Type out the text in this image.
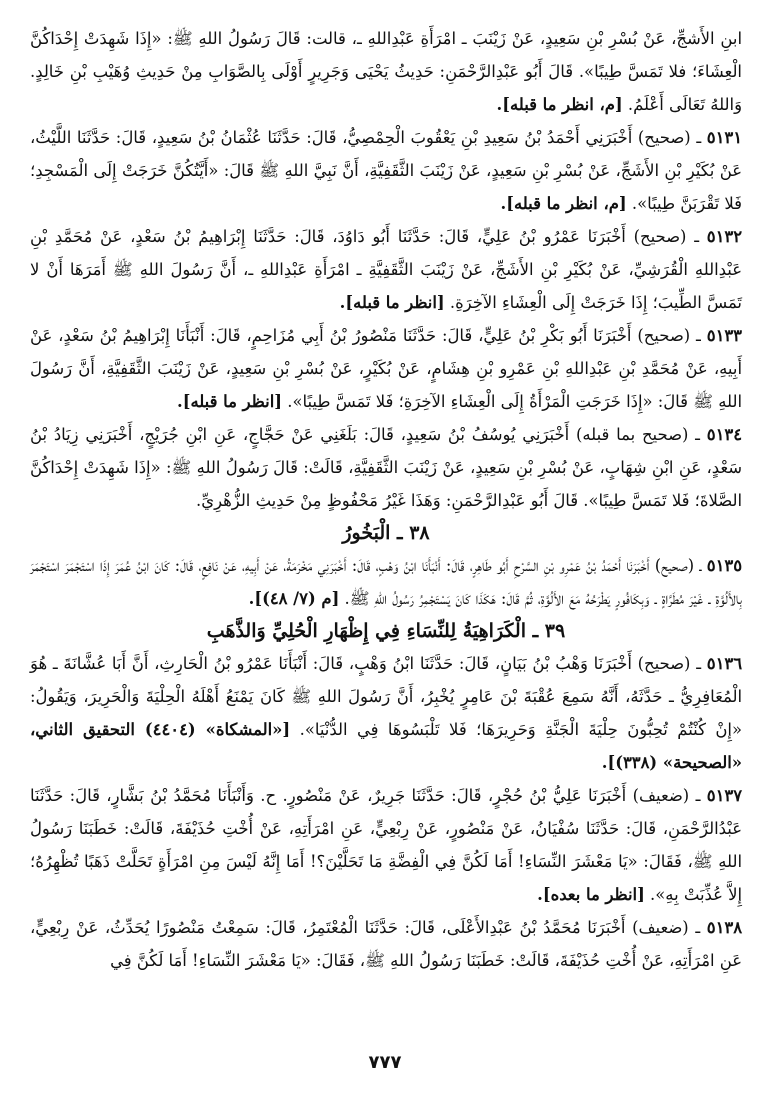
ابنِ الأَشجِّ، عَنْ بُسْرِ بْنِ سَعِيدٍ، عَنْ زَيْنَبَ ـ امْرَأَةِ عَبْدِاللهِ ـ، قالت: قَالَ رَسُولُ اللهِ ﷺ: «إِذَا شَهِدَتْ إِحْدَاكُنَّ الْعِشَاءَ؛ فلا تَمَسَّ طِيبًا». قَالَ أَبُو عَبْدِالرَّحْمَنِ: حَدِيثُ يَحْيَى وَجَرِيرٍ أَوْلَى بِالصَّوَابِ مِنْ حَدِيثِ وُهَيْبِ بْنِ خَالِدٍ. وَاللهُ تَعَالَى أَعْلَمُ. [م، انظر ما قبله].
٥١٣١ ـ (صحيح) أَخْبَرَنِي أَحْمَدُ بْنُ سَعِيدِ بْنِ يَعْقُوبَ الْحِمْصِيُّ، قَالَ: حَدَّثَنَا عُثْمَانُ بْنُ سَعِيدٍ، قَالَ: حَدَّثَنَا اللَّيْثُ، عَنْ بُكَيْرِ بْنِ الأَشَجِّ، عَنْ بُسْرِ بْنِ سَعِيدٍ، عَنْ زَيْنَبَ الثَّقَفِيَّةِ، أَنَّ نَبِيَّ اللهِ ﷺ قَالَ: «أَيَّتُكُنَّ خَرَجَتْ إِلَى الْمَسْجِدِ؛ فَلا تَقْرَبَنَّ طِيبًا». [م، انظر ما قبله].
٥١٣٢ ـ (صحيح) أَخْبَرَنَا عَمْرُو بْنُ عَلِيٍّ، قَالَ: حَدَّثَنَا أَبُو دَاوُدَ، قَالَ: حَدَّثَنَا إِبْرَاهِيمُ بْنُ سَعْدٍ، عَنْ مُحَمَّدِ بْنِ عَبْدِاللهِ الْقُرَشِيِّ، عَنْ بُكَيْرِ بْنِ الأَشَجِّ، عَنْ زَيْنَبَ الثَّقَفِيَّةِ ـ امْرَأَةِ عَبْدِاللهِ ـ، أَنَّ رَسُولَ اللهِ ﷺ أَمَرَهَا أَنْ لا تَمَسَّ الطِّيبَ؛ إِذَا خَرَجَتْ إِلَى الْعِشَاءِ الآخِرَةِ. [انظر ما قبله].
٥١٣٣ ـ (صحيح) أَخْبَرَنَا أَبُو بَكْرِ بْنُ عَلِيٍّ، قَالَ: حَدَّثَنَا مَنْصُورُ بْنُ أَبِي مُزَاحِمٍ، قَالَ: أَنْبَأَنَا إِبْرَاهِيمُ بْنُ سَعْدٍ، عَنْ أَبِيهِ، عَنْ مُحَمَّدِ بْنِ عَبْدِاللهِ بْنِ عَمْرِو بْنِ هِشَامٍ، عَنْ بُكَيْرٍ، عَنْ بُسْرِ بْنِ سَعِيدٍ، عَنْ زَيْنَبَ الثَّقَفِيَّةِ، أَنَّ رَسُولَ اللهِ ﷺ قَالَ: «إِذَا خَرَجَتِ الْمَرْأَةُ إِلَى الْعِشَاءِ الآخِرَةِ؛ فَلا تَمَسَّ طِيبًا». [انظر ما قبله].
٥١٣٤ ـ (صحيح بما قبله) أَخْبَرَنِي يُوسُفُ بْنُ سَعِيدٍ، قَالَ: بَلَغَنِي عَنْ حَجَّاجٍ، عَنِ ابْنِ جُرَيْجٍ، أَخْبَرَنِي زِيَادُ بْنُ سَعْدٍ، عَنِ ابْنِ شِهَابٍ، عَنْ بُسْرِ بْنِ سَعِيدٍ، عَنْ زَيْنَبَ الثَّقَفِيَّةِ، قَالَتْ: قَالَ رَسُولُ اللهِ ﷺ: «إِذَا شَهِدَتْ إِحْدَاكُنَّ الصَّلاةَ؛ فَلا تَمَسَّ طِيبًا». قَالَ أَبُو عَبْدِالرَّحْمَنِ: وَهَذَا غَيْرُ مَحْفُوظٍ مِنْ حَدِيثِ الزُّهْرِيِّ.
٣٨ ـ الْبَخُورُ
٥١٣٥ ـ (صحيح) أَخْبَرَنَا أَحْمَدُ بْنُ عَمْرِو بْنِ السَّرْحِ أَبُو طَاهِرٍ، قَالَ: أَنْبَأَنَا ابْنُ وَهْبٍ، قَالَ: أَخْبَرَنِي مَخْرَمَةُ، عَنْ أَبِيهِ، عَنْ نَافِعٍ، قَالَ: كَانَ ابْنُ عُمَرَ إِذَا اسْتَجْمَرَ اسْتَجْمَرَ بِالأَلُوَّةِ ـ غَيْرَ مُطَرَّاةٍ ـ وَبِكَافُورٍ يَطْرَحُهُ مَعَ الأَلُوَّةِ، ثُمَّ قَالَ: هَكَذَا كَانَ يَسْتَجْمِرُ رَسُولُ اللهِ ﷺ. [م (٧/ ٤٨)].
٣٩ ـ الْكَرَاهِيَةُ لِلنِّسَاءِ فِي إِظْهَارِ الْحُلِيِّ وَالذَّهَبِ
٥١٣٦ ـ (صحيح) أَخْبَرَنَا وَهْبُ بْنُ بَيَانٍ، قَالَ: حَدَّثَنَا ابْنُ وَهْبٍ، قَالَ: أَنْبَأَنَا عَمْرُو بْنُ الْحَارِثِ، أَنَّ أَبَا عُشَّانَةَ ـ هُوَ الْمُعَافِرِيُّ ـ حَدَّثَهُ، أَنَّهُ سَمِعَ عُقْبَةَ بْنَ عَامِرٍ يُخْبِرُ، أَنَّ رَسُولَ اللهِ ﷺ كَانَ يَمْنَعُ أَهْلَهُ الْحِلْيَةَ وَالْحَرِيرَ، وَيَقُولُ: «إِنْ كُنْتُمْ تُحِبُّونَ حِلْيَةَ الْجَنَّةِ وَحَرِيرَهَا؛ فَلا تَلْبَسُوهَا فِي الدُّنْيَا». [«المشكاة» (٤٤٠٤) التحقيق الثاني، «الصحيحة» (٣٣٨)].
٥١٣٧ ـ (ضعيف) أَخْبَرَنَا عَلِيُّ بْنُ حُجْرٍ، قَالَ: حَدَّثَنَا جَرِيرٌ، عَنْ مَنْصُورٍ. ح. وَأَنْبَأَنَا مُحَمَّدُ بْنُ بَشَّارٍ، قَالَ: حَدَّثَنَا عَبْدُالرَّحْمَنِ، قَالَ: حَدَّثَنَا سُفْيَانُ، عَنْ مَنْصُورٍ، عَنْ رِبْعِيٍّ، عَنِ امْرَأَتِهِ، عَنْ أُخْتِ حُذَيْفَةَ، قَالَتْ: خَطَبَنَا رَسُولُ اللهِ ﷺ، فَقَالَ: «يَا مَعْشَرَ النِّسَاءِ! أَمَا لَكُنَّ فِي الْفِضَّةِ مَا تَحَلَّيْنَ؟! أَمَا إِنَّهُ لَيْسَ مِنِ امْرَأَةٍ تَحَلَّتْ ذَهَبًا تُظْهِرُهُ؛ إِلاَّ عُذِّبَتْ بِهِ». [انظر ما بعده].
٥١٣٨ ـ (ضعيف) أَخْبَرَنَا مُحَمَّدُ بْنُ عَبْدِالأَعْلَى، قَالَ: حَدَّثَنَا الْمُعْتَمِرُ، قَالَ: سَمِعْتُ مَنْصُورًا يُحَدِّثُ، عَنْ رِبْعِيٍّ، عَنِ امْرَأَتِهِ، عَنْ أُخْتِ حُذَيْفَةَ، قَالَتْ: خَطَبَنَا رَسُولُ اللهِ ﷺ، فَقَالَ: «يَا مَعْشَرَ النِّسَاءِ! أَمَا لَكُنَّ فِي
٧٧٧
